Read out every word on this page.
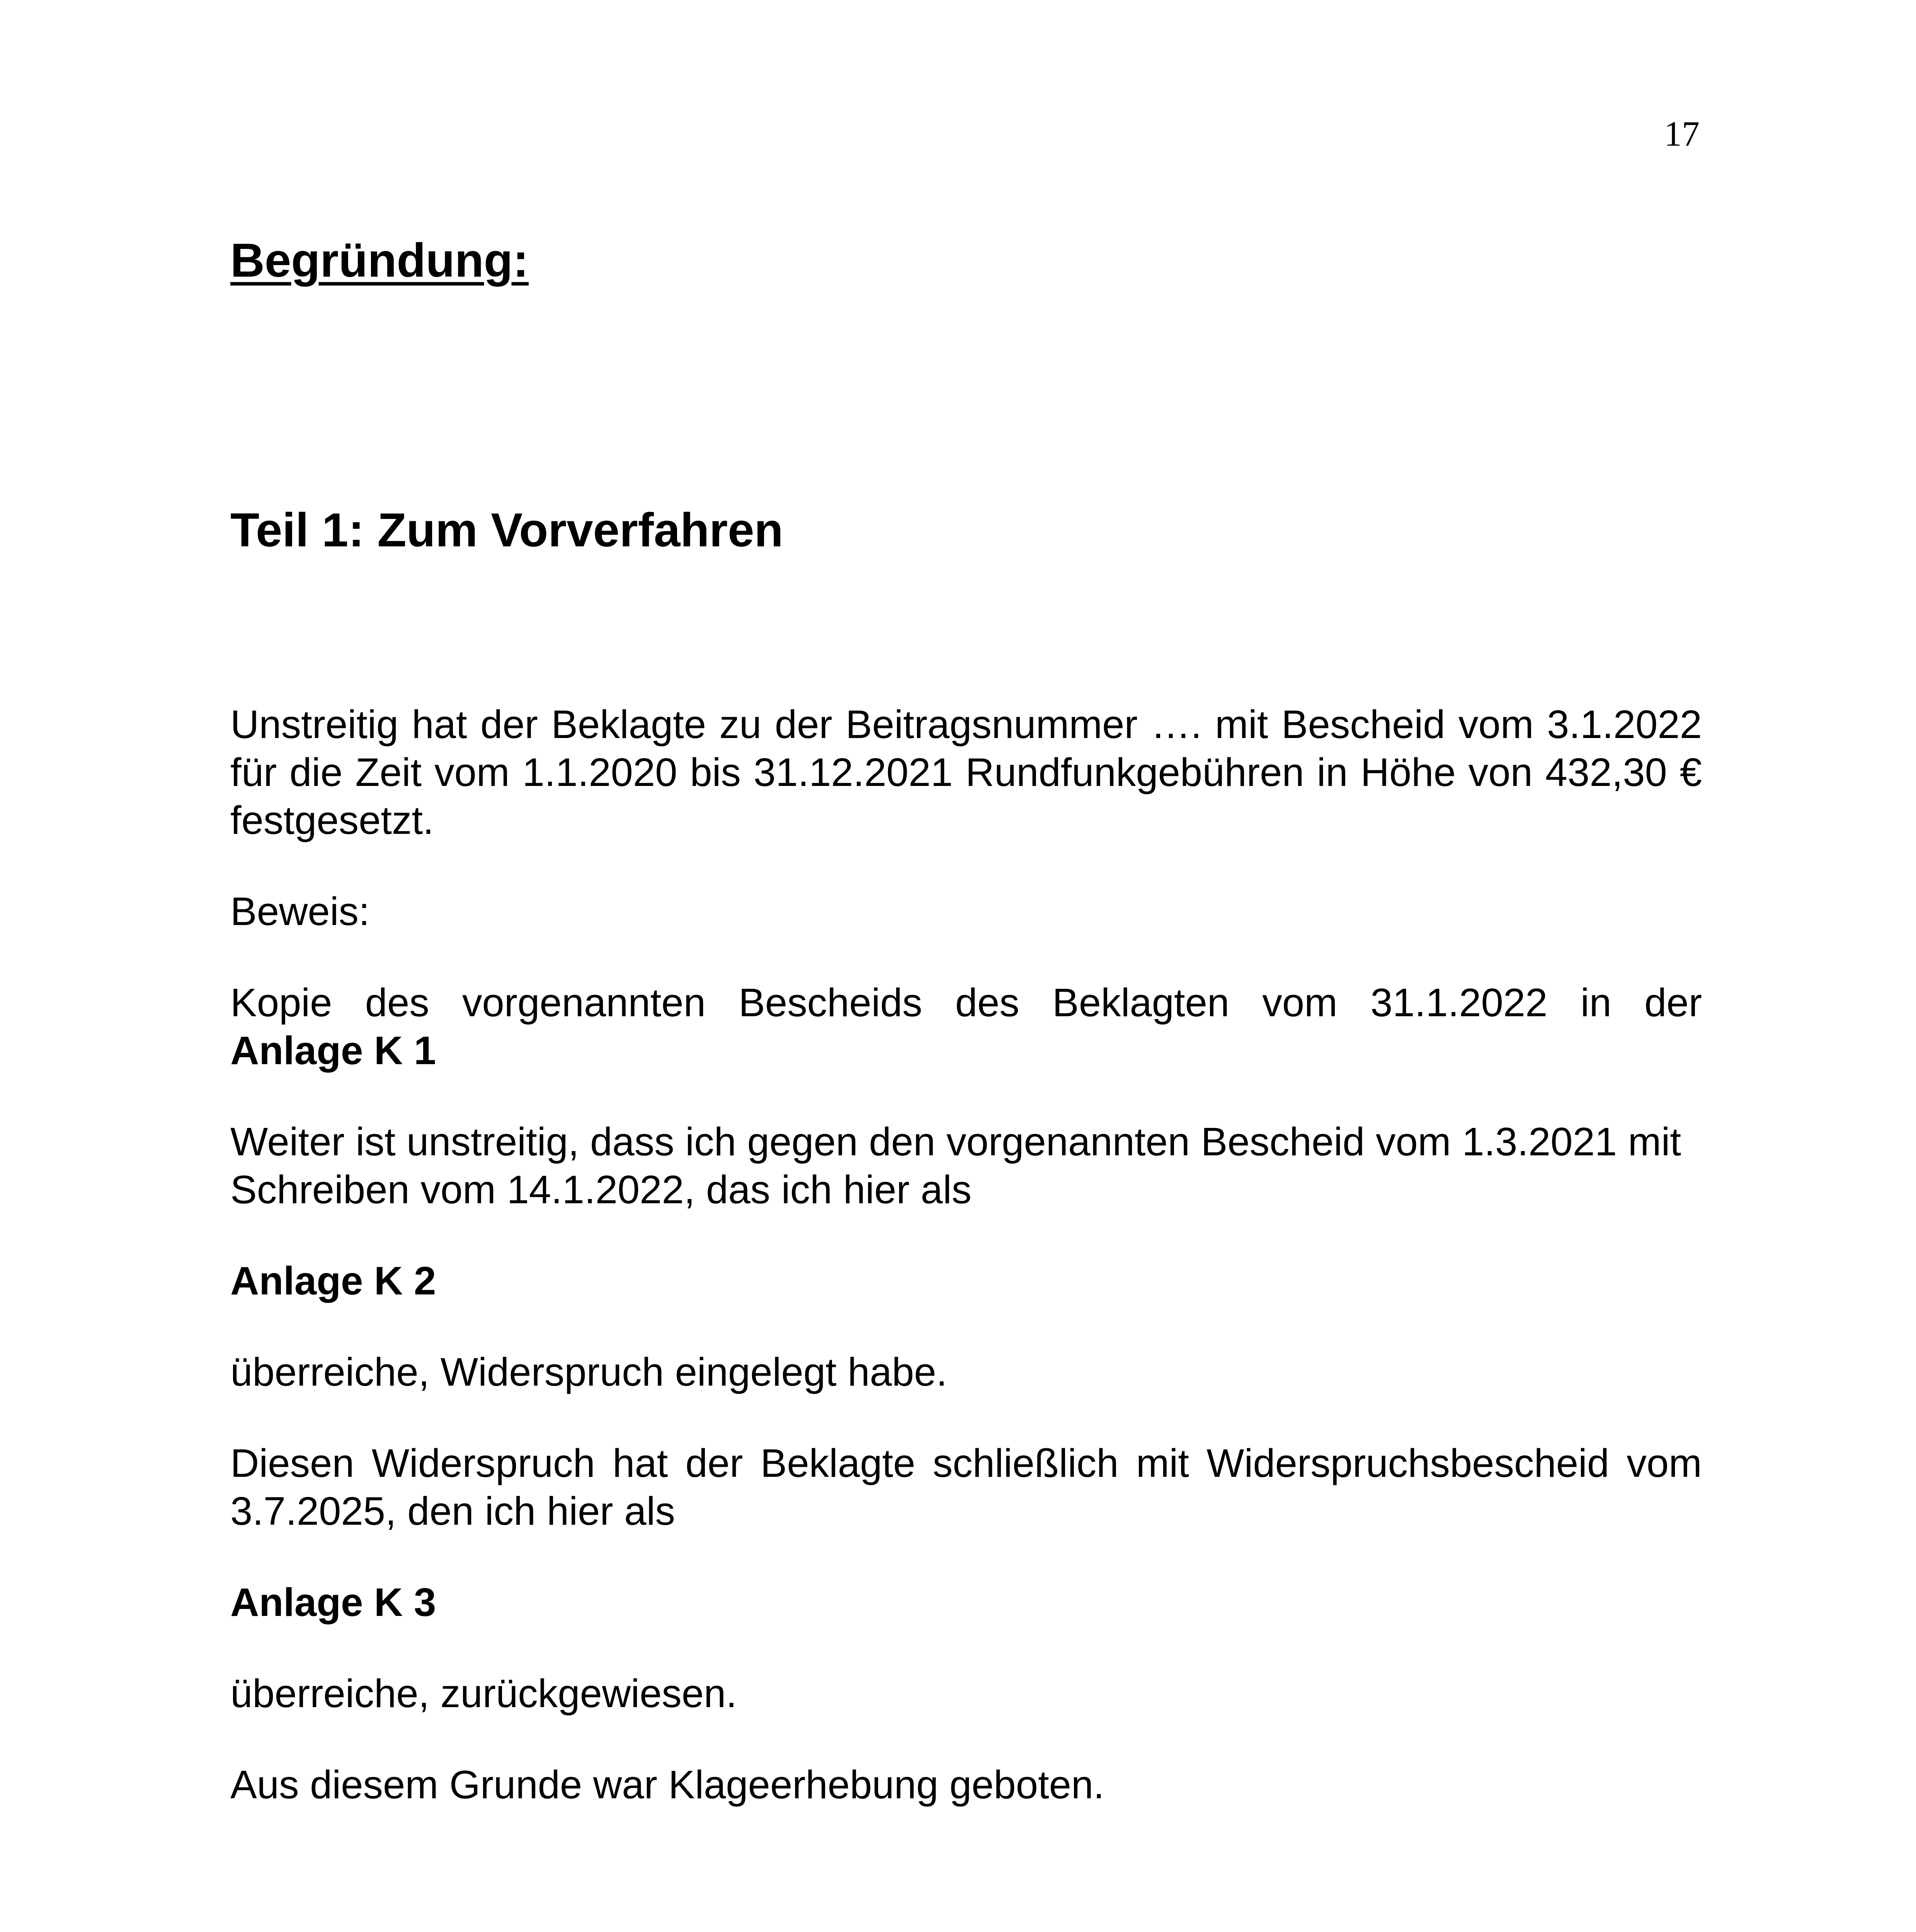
17
Begründung:
Teil 1: Zum Vorverfahren

Unstreitig hat der Beklagte zu der Beitragsnummer …. mit Bescheid vom 3.1.2022 für die Zeit vom 1.1.2020 bis 31.12.2021 Rundfunkgebühren in Höhe von 432,30 € festgesetzt.

Beweis:

Kopie des vorgenannten Bescheids des Beklagten vom 31.1.2022 in der

Anlage K 1

Weiter ist unstreitig, dass ich gegen den vorgenannten Bescheid vom 1.3.2021 mit Schreiben vom 14.1.2022, das ich hier als

Anlage K 2

überreiche, Widerspruch eingelegt habe.

Diesen Widerspruch hat der Beklagte schließlich mit Widerspruchsbescheid vom 3.7.2025, den ich hier als

Anlage K 3

überreiche, zurückgewiesen.

Aus diesem Grunde war Klageerhebung geboten.
